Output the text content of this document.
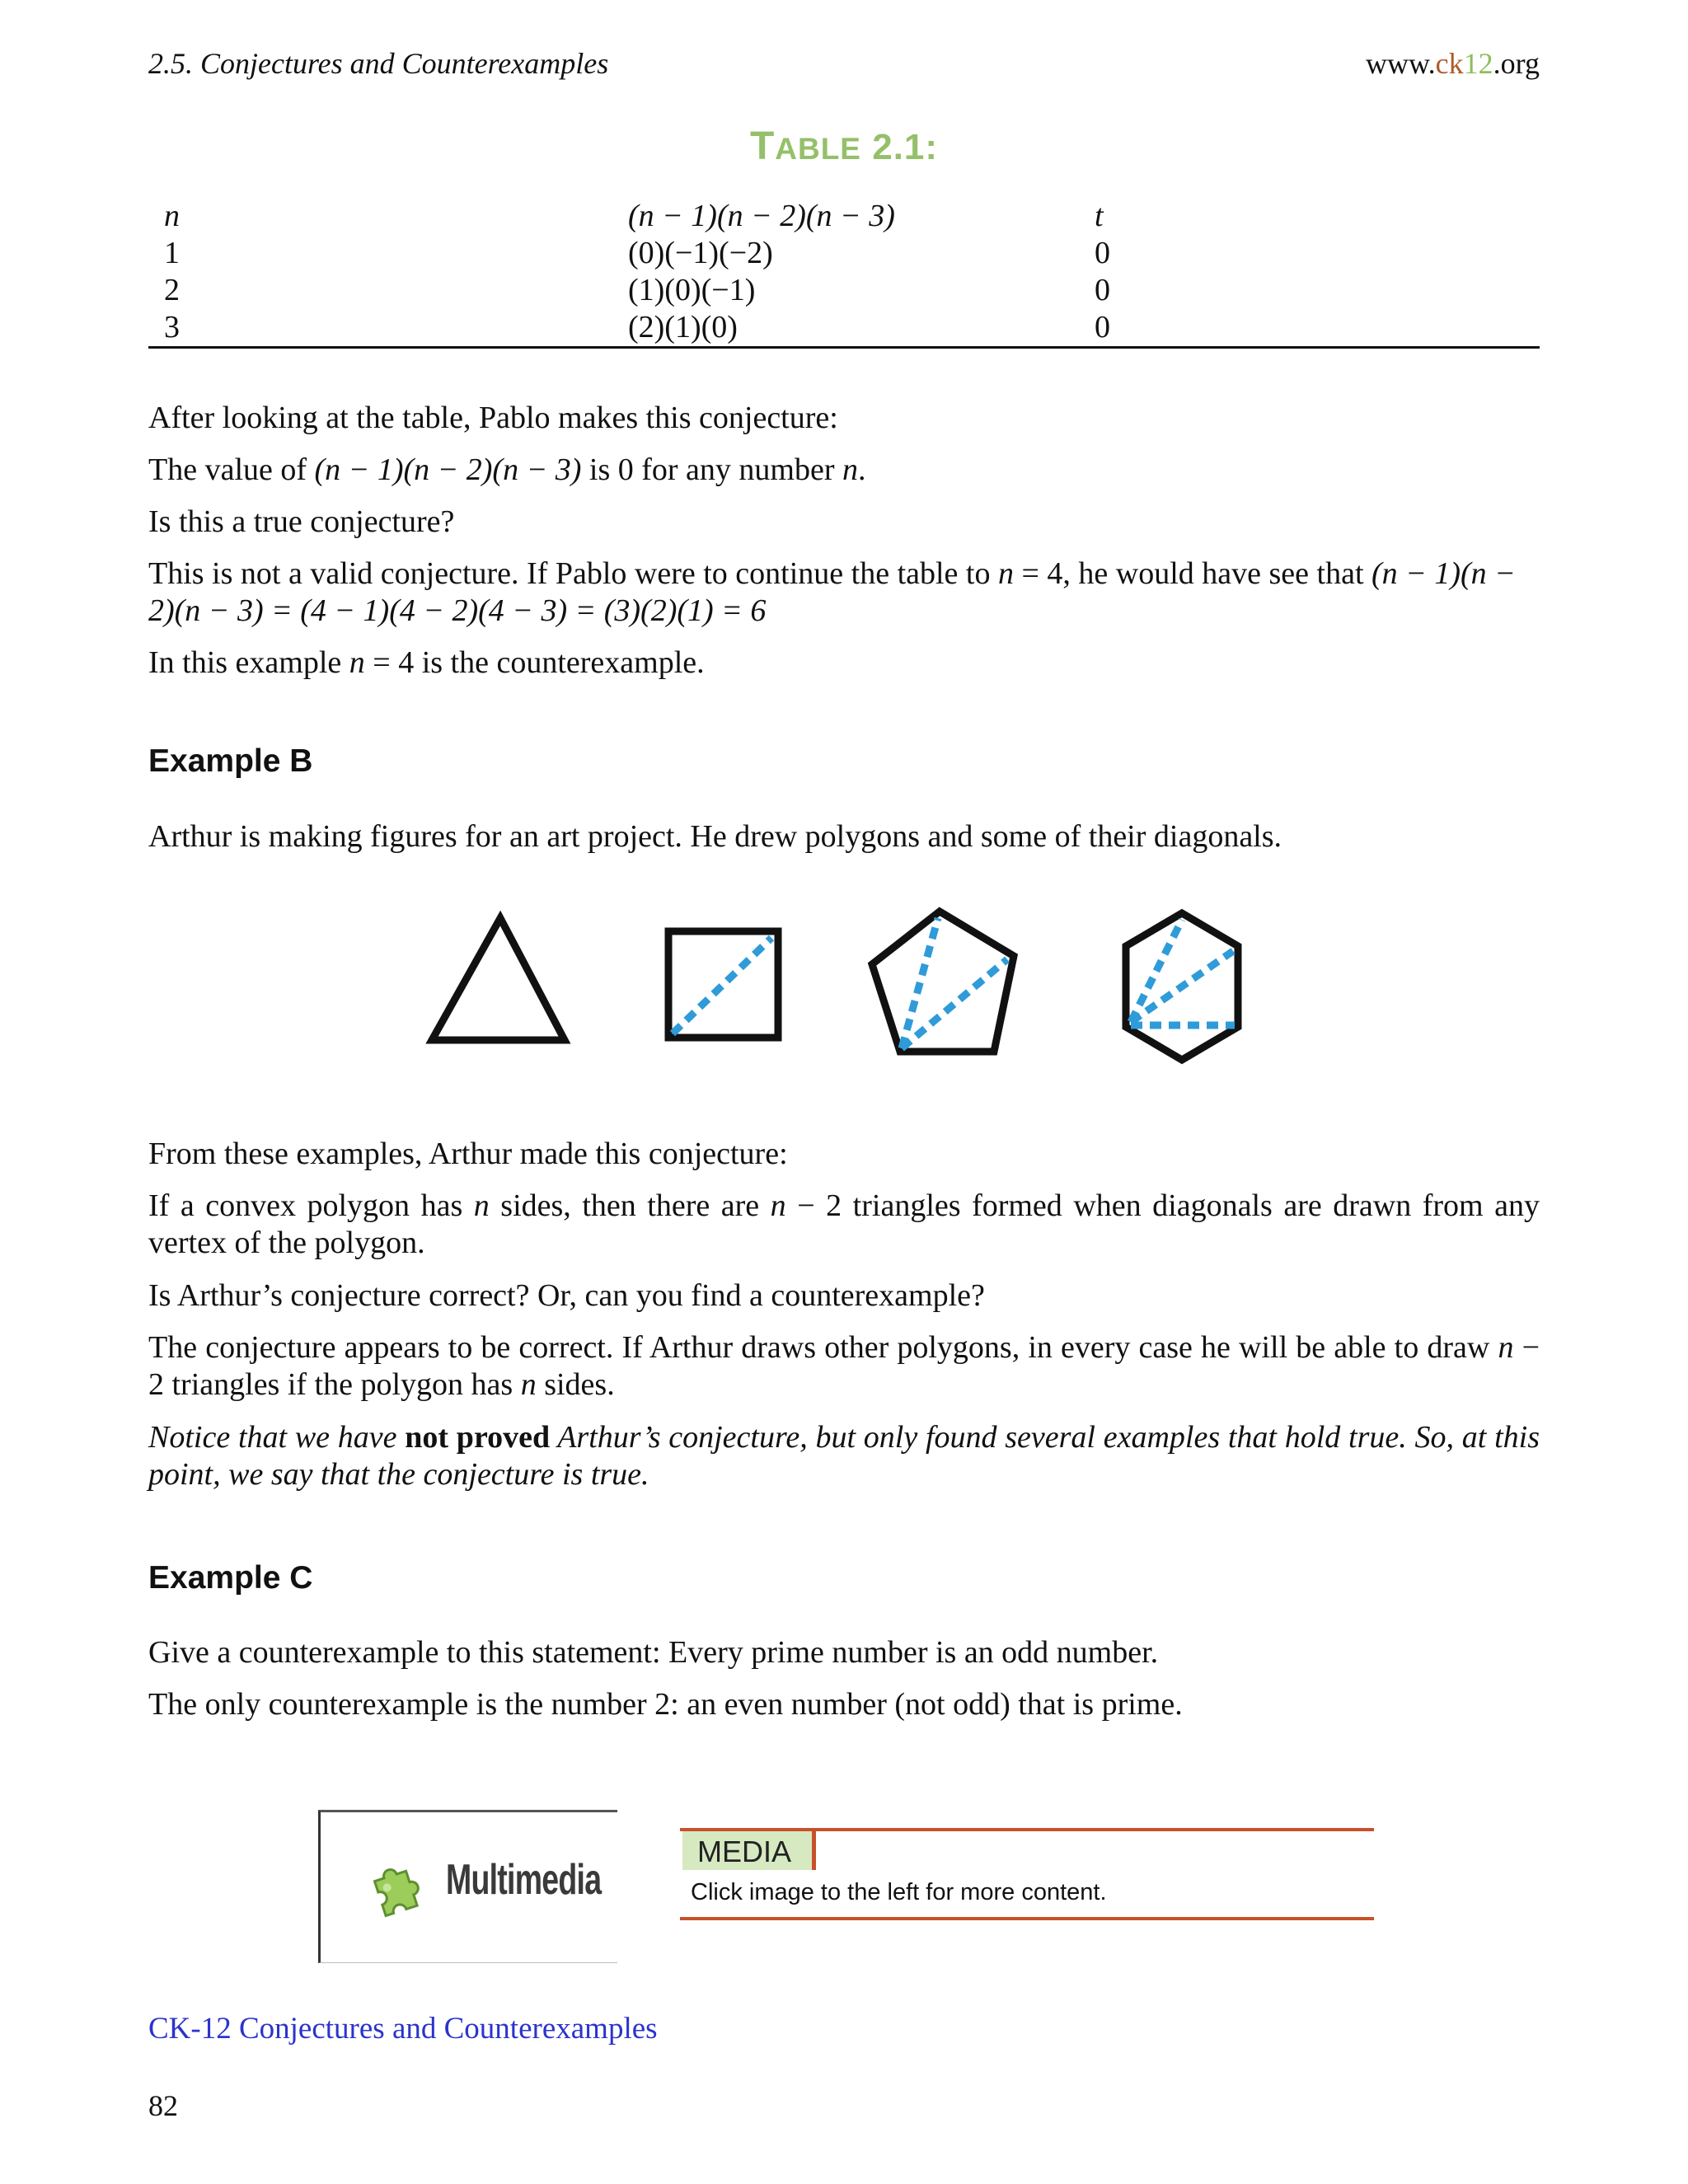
2.5. Conjectures and Counterexamples	www.ck12.org
TABLE 2.1:
n	(n − 1)(n − 2)(n − 3)	t
1	(0)(−1)(−2)	0
2	(1)(0)(−1)	0
3	(2)(1)(0)	0

After looking at the table, Pablo makes this conjecture:

The value of (n − 1)(n − 2)(n − 3) is 0 for any number n.

Is this a true conjecture?

This is not a valid conjecture. If Pablo were to continue the table to n = 4, he would have see that (n − 1)(n − 2)(n − 3) = (4 − 1)(4 − 2)(4 − 3) = (3)(2)(1) = 6

In this example n = 4 is the counterexample.

Example B

Arthur is making figures for an art project. He drew polygons and some of their diagonals.

From these examples, Arthur made this conjecture:

If a convex polygon has n sides, then there are n − 2 triangles formed when diagonals are drawn from any vertex of the polygon.

Is Arthur’s conjecture correct? Or, can you find a counterexample?

The conjecture appears to be correct. If Arthur draws other polygons, in every case he will be able to draw n − 2 triangles if the polygon has n sides.

Notice that we have not proved Arthur’s conjecture, but only found several examples that hold true. So, at this point, we say that the conjecture is true.

Example C

Give a counterexample to this statement: Every prime number is an odd number.

The only counterexample is the number 2: an even number (not odd) that is prime.

Multimedia
MEDIA
Click image to the left for more content.
CK-12 Conjectures and Counterexamples
82
